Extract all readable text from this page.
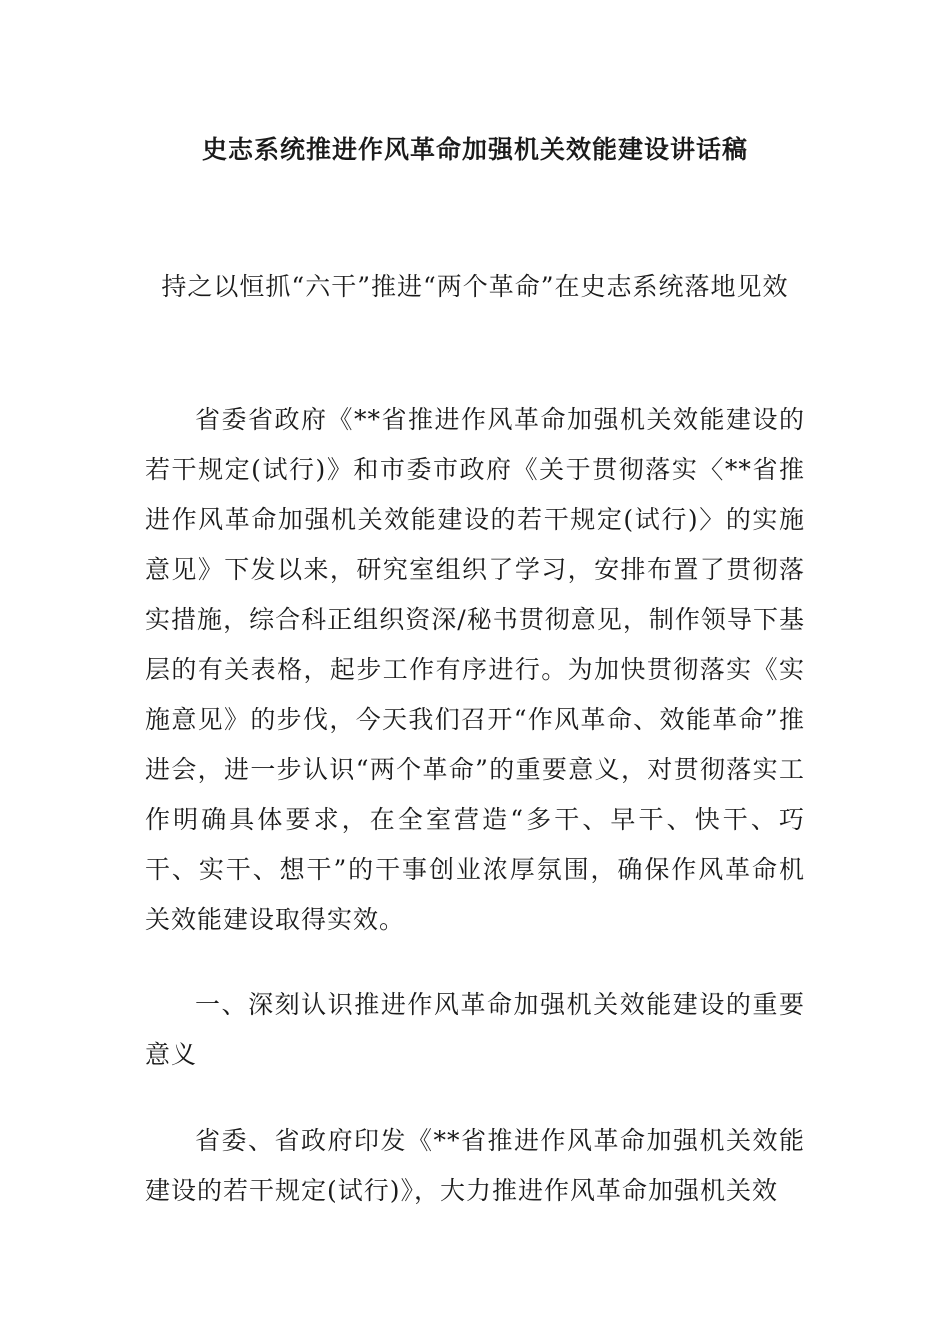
史志系统推进作风革命加强机关效能建设讲话稿
持之以恒抓“六干”推进“两个革命”在史志系统落地见效

省委省政府《**省推进作风革命加强机关效能建设的若干规定(试行)》和市委市政府《关于贯彻落实〈**省推进作风革命加强机关效能建设的若干规定(试行)〉的实施意见》下发以来，研究室组织了学习，安排布置了贯彻落实措施，综合科正组织资深/秘书贯彻意见，制作领导下基层的有关表格，起步工作有序进行。为加快贯彻落实《实施意见》的步伐，今天我们召开“作风革命、效能革命”推进会，进一步认识“两个革命”的重要意义，对贯彻落实工作明确具体要求，在全室营造“多干、早干、快干、巧干、实干、想干”的干事创业浓厚氛围，确保作风革命机关效能建设取得实效。

一、深刻认识推进作风革命加强机关效能建设的重要意义

省委、省政府印发《**省推进作风革命加强机关效能建设的若干规定(试行)》，大力推进作风革命加强机关效
